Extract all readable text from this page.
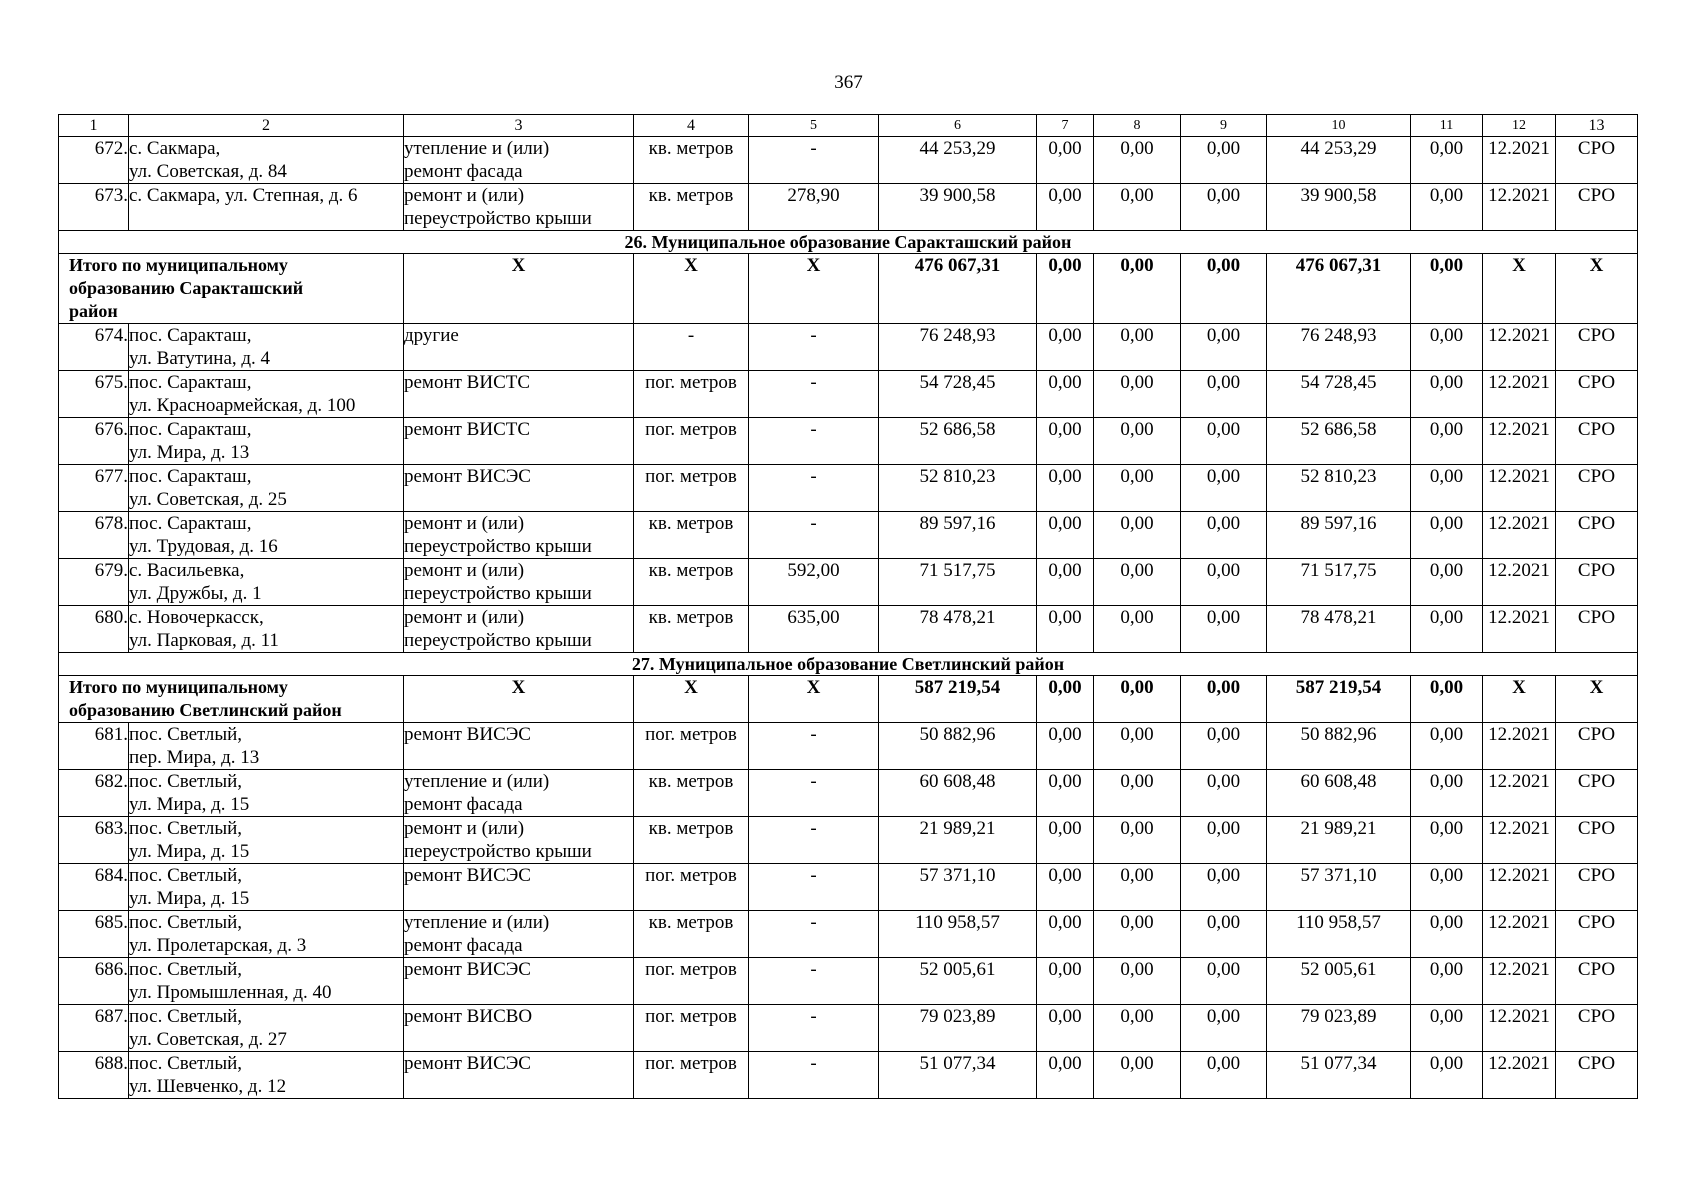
367
1	2	3	4	5	6	7	8	9	10	11	12	13
672.	с. Сакмара,
ул. Советская, д. 84	утепление и (или)
ремонт фасада	кв. метров	-	44 253,29	0,00	0,00	0,00	44 253,29	0,00	12.2021	СРО
673.	с. Сакмара, ул. Степная, д. 6	ремонт и (или)
переустройство крыши	кв. метров	278,90	39 900,58	0,00	0,00	0,00	39 900,58	0,00	12.2021	СРО
26. Муниципальное образование Саракташский район												

Итого по муниципальному
образованию Саракташский
район		Х	Х	Х	476 067,31	0,00	0,00	0,00	476 067,31	0,00	Х	Х
674.	пос. Саракташ,
ул. Ватутина, д. 4	другие	-	-	76 248,93	0,00	0,00	0,00	76 248,93	0,00	12.2021	СРО
675.	пос. Саракташ,
ул. Красноармейская, д. 100	ремонт ВИСТС	пог. метров	-	54 728,45	0,00	0,00	0,00	54 728,45	0,00	12.2021	СРО
676.	пос. Саракташ,
ул. Мира, д. 13	ремонт ВИСТС	пог. метров	-	52 686,58	0,00	0,00	0,00	52 686,58	0,00	12.2021	СРО
677.	пос. Саракташ,
ул. Советская, д. 25	ремонт ВИСЭС	пог. метров	-	52 810,23	0,00	0,00	0,00	52 810,23	0,00	12.2021	СРО
678.	пос. Саракташ,
ул. Трудовая, д. 16	ремонт и (или)
переустройство крыши	кв. метров	-	89 597,16	0,00	0,00	0,00	89 597,16	0,00	12.2021	СРО
679.	с. Васильевка,
ул. Дружбы, д. 1	ремонт и (или)
переустройство крыши	кв. метров	592,00	71 517,75	0,00	0,00	0,00	71 517,75	0,00	12.2021	СРО
680.	с. Новочеркасск,
ул. Парковая, д. 11	ремонт и (или)
переустройство крыши	кв. метров	635,00	78 478,21	0,00	0,00	0,00	78 478,21	0,00	12.2021	СРО
27. Муниципальное образование Светлинский район												

Итого по муниципальному
образованию Светлинский район		Х	Х	Х	587 219,54	0,00	0,00	0,00	587 219,54	0,00	Х	Х
681.	пос. Светлый,
пер. Мира, д. 13	ремонт ВИСЭС	пог. метров	-	50 882,96	0,00	0,00	0,00	50 882,96	0,00	12.2021	СРО
682.	пос. Светлый,
ул. Мира, д. 15	утепление и (или)
ремонт фасада	кв. метров	-	60 608,48	0,00	0,00	0,00	60 608,48	0,00	12.2021	СРО
683.	пос. Светлый,
ул. Мира, д. 15	ремонт и (или)
переустройство крыши	кв. метров	-	21 989,21	0,00	0,00	0,00	21 989,21	0,00	12.2021	СРО
684.	пос. Светлый,
ул. Мира, д. 15	ремонт ВИСЭС	пог. метров	-	57 371,10	0,00	0,00	0,00	57 371,10	0,00	12.2021	СРО
685.	пос. Светлый,
ул. Пролетарская, д. 3	утепление и (или)
ремонт фасада	кв. метров	-	110 958,57	0,00	0,00	0,00	110 958,57	0,00	12.2021	СРО
686.	пос. Светлый,
ул. Промышленная, д. 40	ремонт ВИСЭС	пог. метров	-	52 005,61	0,00	0,00	0,00	52 005,61	0,00	12.2021	СРО
687.	пос. Светлый,
ул. Советская, д. 27	ремонт ВИСВО	пог. метров	-	79 023,89	0,00	0,00	0,00	79 023,89	0,00	12.2021	СРО
688.	пос. Светлый,
ул. Шевченко, д. 12	ремонт ВИСЭС	пог. метров	-	51 077,34	0,00	0,00	0,00	51 077,34	0,00	12.2021	СРО
